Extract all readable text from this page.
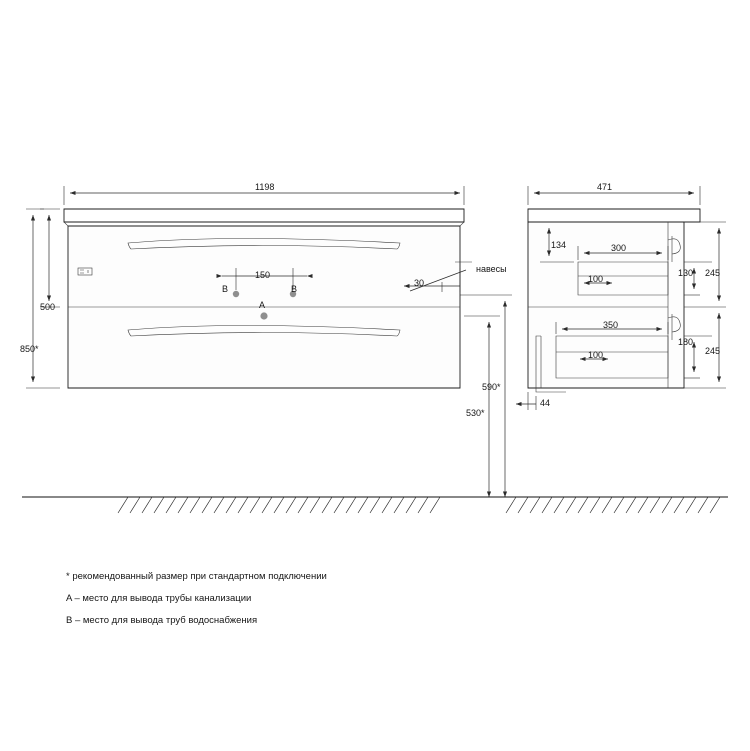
1198
500
850*
150
30
навесы
B	B
A
590*
530*
471
134	300
100
350
100
130 245
180
245
44
* рекомендованный размер при стандартном подключении
A – место для вывода трубы канализации
B – место для вывода труб водоснабжения
